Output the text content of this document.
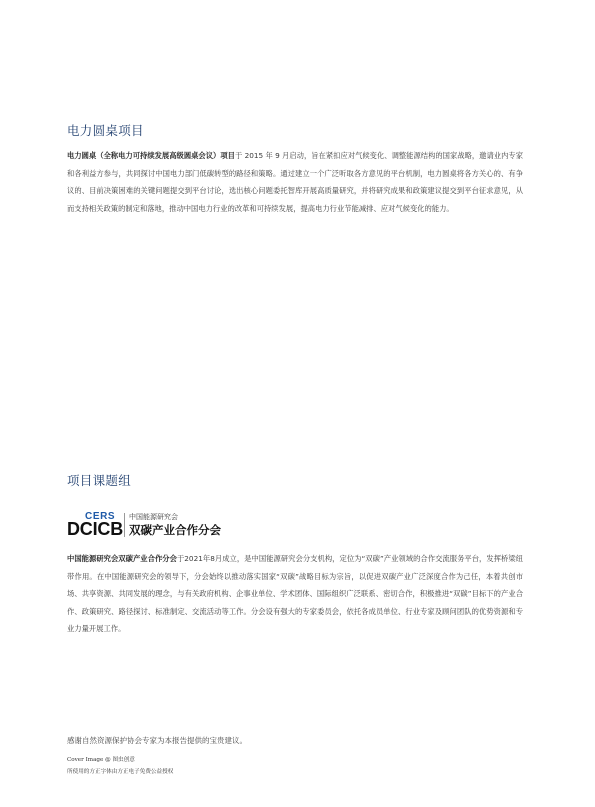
电力圆桌项目

电力圆桌（全称电力可持续发展高级圆桌会议）项目于 2015 年 9 月启动，旨在紧扣应对气候变化、调整能源结构的国家战略，邀请业内专家和各利益方参与，共同探讨中国电力部门低碳转型的路径和策略。通过建立一个广泛听取各方意见的平台机制，电力圆桌将各方关心的、有争议的、目前决策困难的关键问题提交到平台讨论，选出核心问题委托智库开展高质量研究，并将研究成果和政策建议提交到平台征求意见，从而支持相关政策的制定和落地，推动中国电力行业的改革和可持续发展，提高电力行业节能减排、应对气候变化的能力。

项目课题组
CERS
DCICB
中国能源研究会
双碳产业合作分会

中国能源研究会双碳产业合作分会于2021年8月成立，是中国能源研究会分支机构，定位为“双碳”产业领域的合作交流服务平台，发挥桥梁纽带作用。在中国能源研究会的领导下，分会始终以推动落实国家“双碳”战略目标为宗旨，以促进双碳产业广泛深度合作为己任，本着共创市场、共享资源、共同发展的理念，与有关政府机构、企事业单位、学术团体、国际组织广泛联系、密切合作，积极推进“双碳”目标下的产业合作、政策研究、路径探讨、标准制定、交流活动等工作。分会设有强大的专家委员会，依托各成员单位、行业专家及顾问团队的优势资源和专业力量开展工作。

感谢自然资源保护协会专家为本报告提供的宝贵建议。

Cover Image @ 图虫创意

所使用的方正字体由方正电子免费公益授权
